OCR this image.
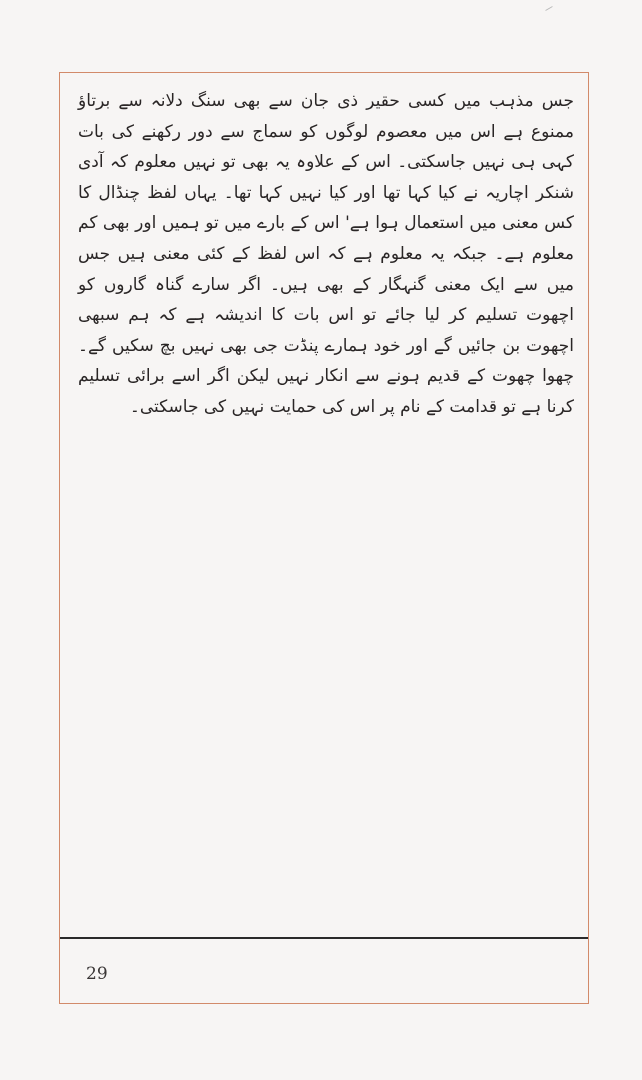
جس مذہب میں کسی حقیر ذی جان سے بھی سنگ دلانہ سے برتاؤ ممنوع ہے اس میں معصوم لوگوں کو سماج سے دور رکھنے کی بات کہی ہی نہیں جاسکتی۔ اس کے علاوہ یہ بھی تو نہیں معلوم کہ آدی شنکر اچاریہ نے کیا کہا تھا اور کیا نہیں کہا تھا۔ یہاں لفظ چنڈال کا کس معنی میں استعمال ہوا ہے' اس کے بارے میں تو ہمیں اور بھی کم معلوم ہے۔ جبکہ یہ معلوم ہے کہ اس لفظ کے کئی معنی ہیں جس میں سے ایک معنی گنہگار کے بھی ہیں۔ اگر سارے گناہ گاروں کو اچھوت تسلیم کر لیا جائے تو اس بات کا اندیشہ ہے کہ ہم سبھی اچھوت بن جائیں گے اور خود ہمارے پنڈت جی بھی نہیں بچ سکیں گے۔ چھوا چھوت کے قدیم ہونے سے انکار نہیں لیکن اگر اسے برائی تسلیم کرنا ہے تو قدامت کے نام پر اس کی حمایت نہیں کی جاسکتی۔

29
